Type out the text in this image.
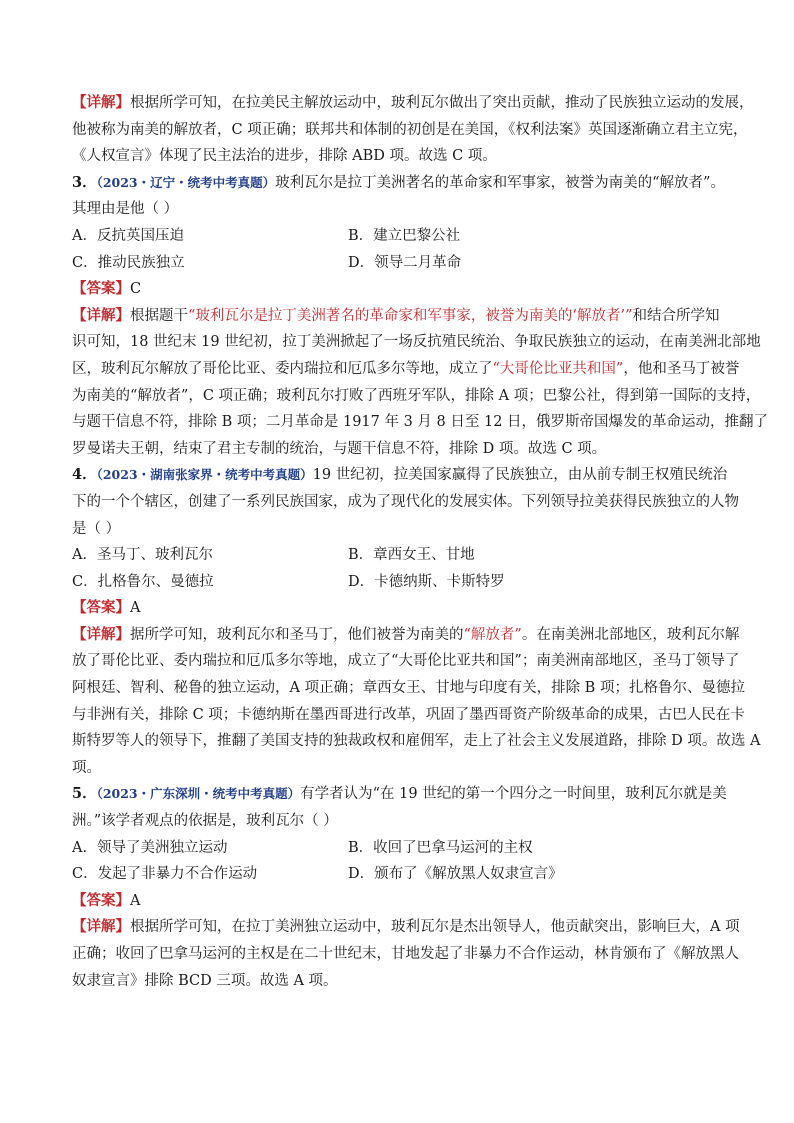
【详解】根据所学可知，在拉美民主解放运动中，玻利瓦尔做出了突出贡献，推动了民族独立运动的发展，
他被称为南美的解放者，C 项正确；联邦共和体制的初创是在美国，《权利法案》英国逐渐确立君主立宪，
《人权宣言》体现了民主法治的进步，排除 ABD 项。故选 C 项。
3．（2023・辽宁・统考中考真题）玻利瓦尔是拉丁美洲著名的革命家和军事家，被誉为南美的“解放者”。
其理由是他（ ）
A．反抗英国压迫	B．建立巴黎公社
C．推动民族独立	D．领导二月革命
【答案】C
【详解】根据题干“玻利瓦尔是拉丁美洲著名的革命家和军事家，被誉为南美的‘解放者’”和结合所学知
识可知，18 世纪末 19 世纪初，拉丁美洲掀起了一场反抗殖民统治、争取民族独立的运动，在南美洲北部地
区，玻利瓦尔解放了哥伦比亚、委内瑞拉和厄瓜多尔等地，成立了“大哥伦比亚共和国”，他和圣马丁被誉
为南美的“解放者”，C 项正确；玻利瓦尔打败了西班牙军队，排除 A 项；巴黎公社，得到第一国际的支持，
与题干信息不符，排除 B 项；二月革命是 1917 年 3 月 8 日至 12 日，俄罗斯帝国爆发的革命运动，推翻了
罗曼诺夫王朝，结束了君主专制的统治，与题干信息不符，排除 D 项。故选 C 项。
4．（2023・湖南张家界・统考中考真题）19 世纪初，拉美国家赢得了民族独立，由从前专制王权殖民统治
下的一个个辖区，创建了一系列民族国家，成为了现代化的发展实体。下列领导拉美获得民族独立的人物
是（ ）
A．圣马丁、玻利瓦尔	B．章西女王、甘地
C．扎格鲁尔、曼德拉	D．卡德纳斯、卡斯特罗
【答案】A
【详解】据所学可知，玻利瓦尔和圣马丁，他们被誉为南美的“解放者”。在南美洲北部地区，玻利瓦尔解
放了哥伦比亚、委内瑞拉和厄瓜多尔等地，成立了“大哥伦比亚共和国”；南美洲南部地区，圣马丁领导了
阿根廷、智利、秘鲁的独立运动，A 项正确；章西女王、甘地与印度有关，排除 B 项；扎格鲁尔、曼德拉
与非洲有关，排除 C 项；卡德纳斯在墨西哥进行改革，巩固了墨西哥资产阶级革命的成果，古巴人民在卡
斯特罗等人的领导下，推翻了美国支持的独裁政权和雇佣军，走上了社会主义发展道路，排除 D 项。故选 A
项。
5．（2023・广东深圳・统考中考真题）有学者认为“在 19 世纪的第一个四分之一时间里，玻利瓦尔就是美
洲。”该学者观点的依据是，玻利瓦尔（ ）
A．领导了美洲独立运动	B．收回了巴拿马运河的主权
C．发起了非暴力不合作运动	D．颁布了《解放黑人奴隶宣言》
【答案】A
【详解】根据所学可知，在拉丁美洲独立运动中，玻利瓦尔是杰出领导人，他贡献突出，影响巨大，A 项
正确；收回了巴拿马运河的主权是在二十世纪末，甘地发起了非暴力不合作运动，林肯颁布了《解放黑人
奴隶宣言》排除 BCD 三项。故选 A 项。
